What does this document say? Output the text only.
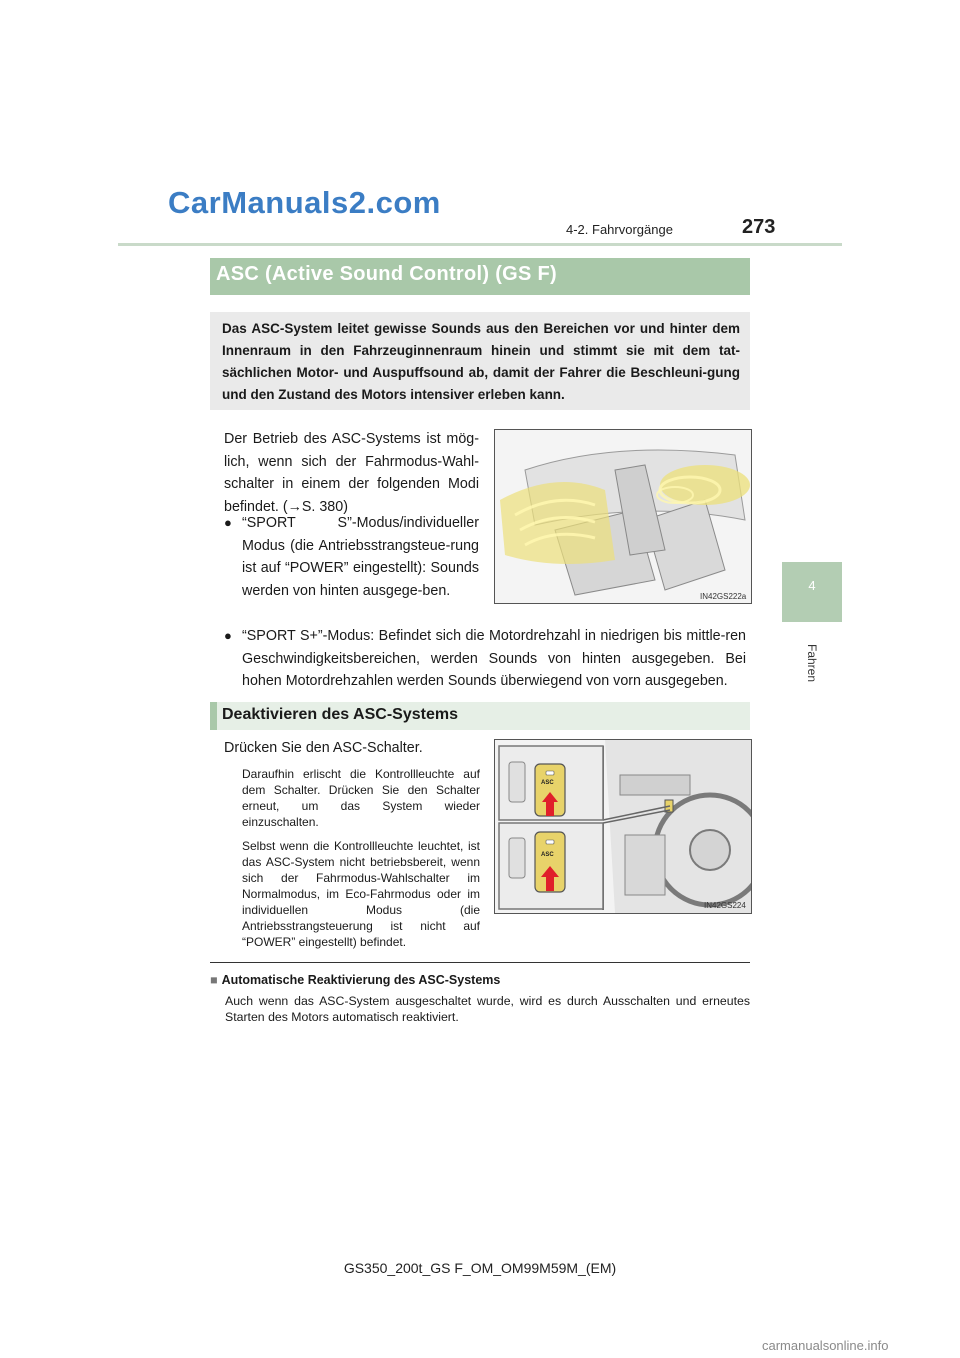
CarManuals2.com
4-2. Fahrvorgänge	273
4
Fahren
ASC (Active Sound Control) (GS F)
Das ASC-System leitet gewisse Sounds aus den Bereichen vor und hinter dem Innenraum in den Fahrzeuginnenraum hinein und stimmt sie mit dem tat-sächlichen Motor- und Auspuffsound ab, damit der Fahrer die Beschleuni-gung und den Zustand des Motors intensiver erleben kann.
Der Betrieb des ASC-Systems ist mög-lich, wenn sich der Fahrmodus-Wahl-schalter in einem der folgenden Modi befindet. (→S. 380)
● “SPORT S”-Modus/individueller Modus (die Antriebsstrangsteue-rung ist auf “POWER” eingestellt): Sounds werden von hinten ausgege-ben.
● “SPORT S+”-Modus: Befindet sich die Motordrehzahl in niedrigen bis mittle-ren Geschwindigkeitsbereichen, werden Sounds von hinten ausgegeben. Bei hohen Motordrehzahlen werden Sounds überwiegend von vorn ausgegeben.
IN42GS222a
Deaktivieren des ASC-Systems
Drücken Sie den ASC-Schalter.
Daraufhin erlischt die Kontrollleuchte auf dem Schalter. Drücken Sie den Schalter erneut, um das System wieder einzuschalten.
Selbst wenn die Kontrollleuchte leuchtet, ist das ASC-System nicht betriebsbereit, wenn sich der Fahrmodus-Wahlschalter im Normalmodus, im Eco-Fahrmodus oder im individuellen Modus (die Antriebsstrangsteuerung ist nicht auf “POWER” eingestellt) befindet.
ASC
ASC
IN42GS224
■ Automatische Reaktivierung des ASC-Systems
Auch wenn das ASC-System ausgeschaltet wurde, wird es durch Ausschalten und erneutes Starten des Motors automatisch reaktiviert.
GS350_200t_GS F_OM_OM99M59M_(EM)
carmanualsonline.info
